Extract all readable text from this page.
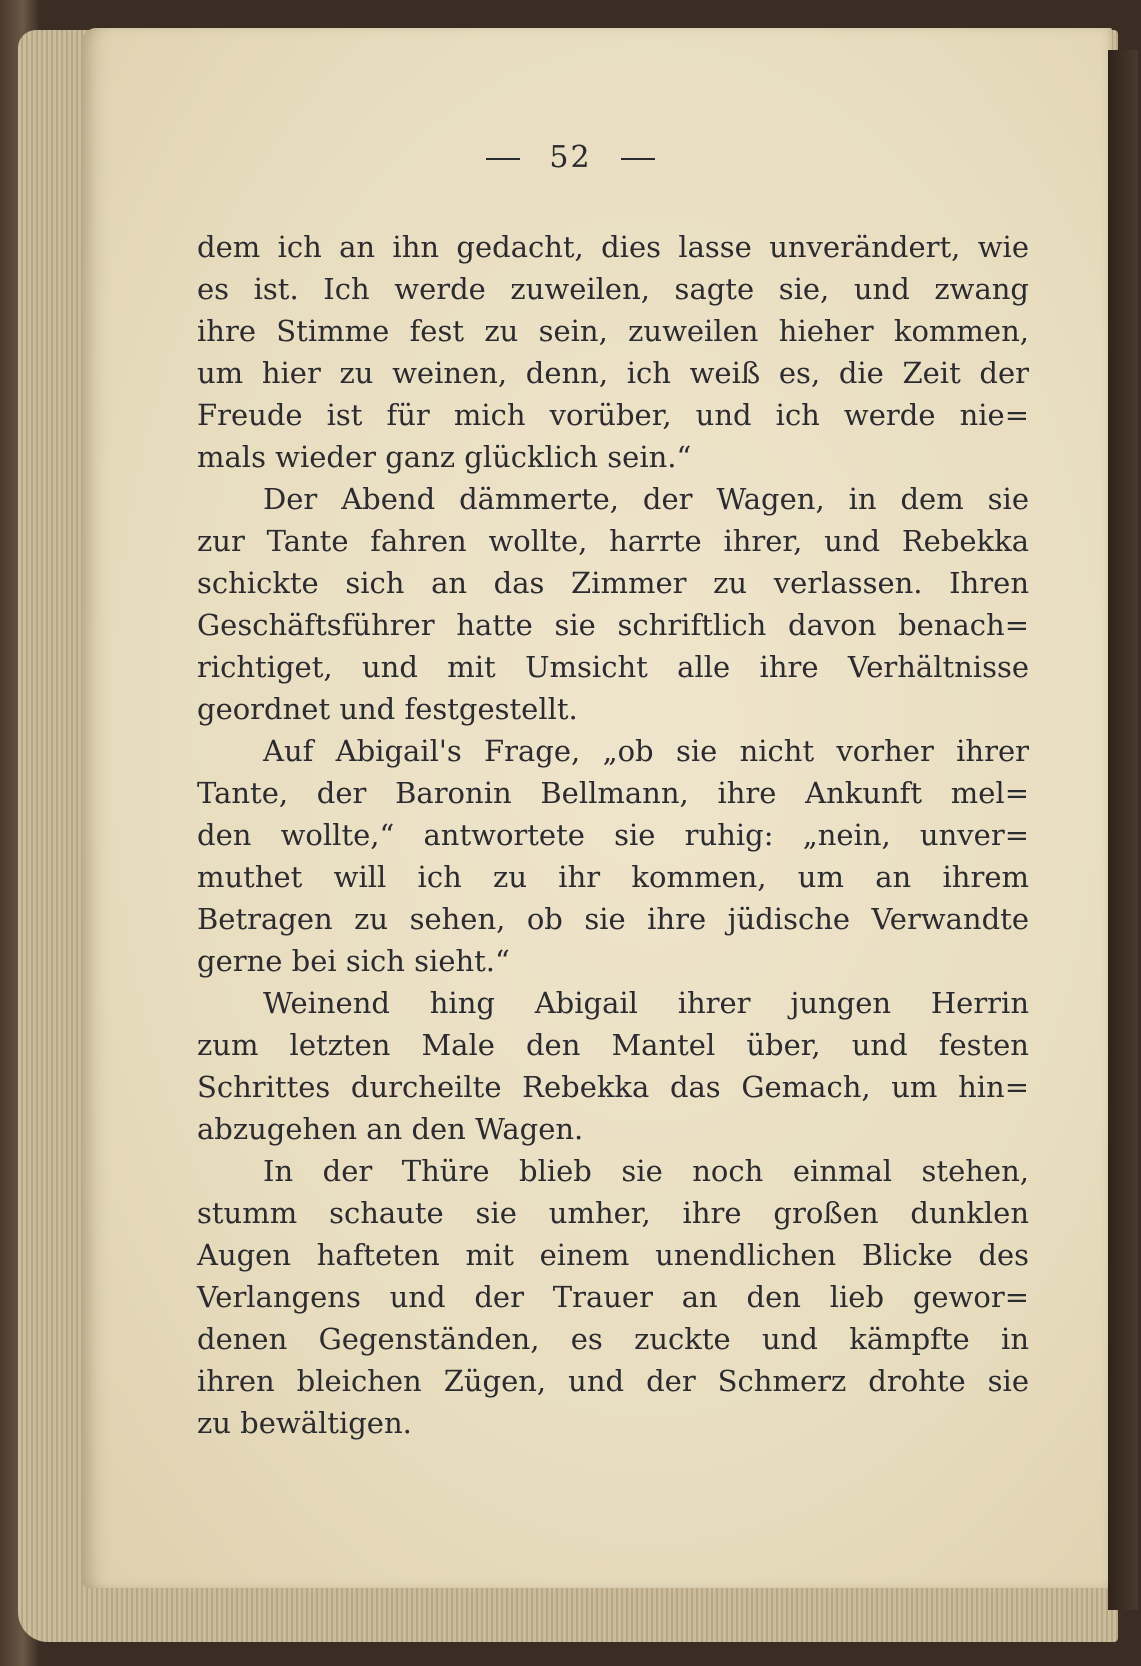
52
dem ich an ihn gedacht, dies lasse unverändert, wie
es ist. Ich werde zuweilen, sagte sie, und zwang
ihre Stimme fest zu sein, zuweilen hieher kommen,
um hier zu weinen, denn, ich weiß es, die Zeit der
Freude ist für mich vorüber, und ich werde nie=
mals wieder ganz glücklich sein.“
Der Abend dämmerte, der Wagen, in dem sie
zur Tante fahren wollte, harrte ihrer, und Rebekka
schickte sich an das Zimmer zu verlassen. Ihren
Geschäftsführer hatte sie schriftlich davon benach=
richtiget, und mit Umsicht alle ihre Verhältnisse
geordnet und festgestellt.
Auf Abigail's Frage, „ob sie nicht vorher ihrer
Tante, der Baronin Bellmann, ihre Ankunft mel=
den wollte,“ antwortete sie ruhig: „nein, unver=
muthet will ich zu ihr kommen, um an ihrem
Betragen zu sehen, ob sie ihre jüdische Verwandte
gerne bei sich sieht.“
Weinend hing Abigail ihrer jungen Herrin
zum letzten Male den Mantel über, und festen
Schrittes durcheilte Rebekka das Gemach, um hin=
abzugehen an den Wagen.
In der Thüre blieb sie noch einmal stehen,
stumm schaute sie umher, ihre großen dunklen
Augen hafteten mit einem unendlichen Blicke des
Verlangens und der Trauer an den lieb gewor=
denen Gegenständen, es zuckte und kämpfte in
ihren bleichen Zügen, und der Schmerz drohte sie
zu bewältigen.
